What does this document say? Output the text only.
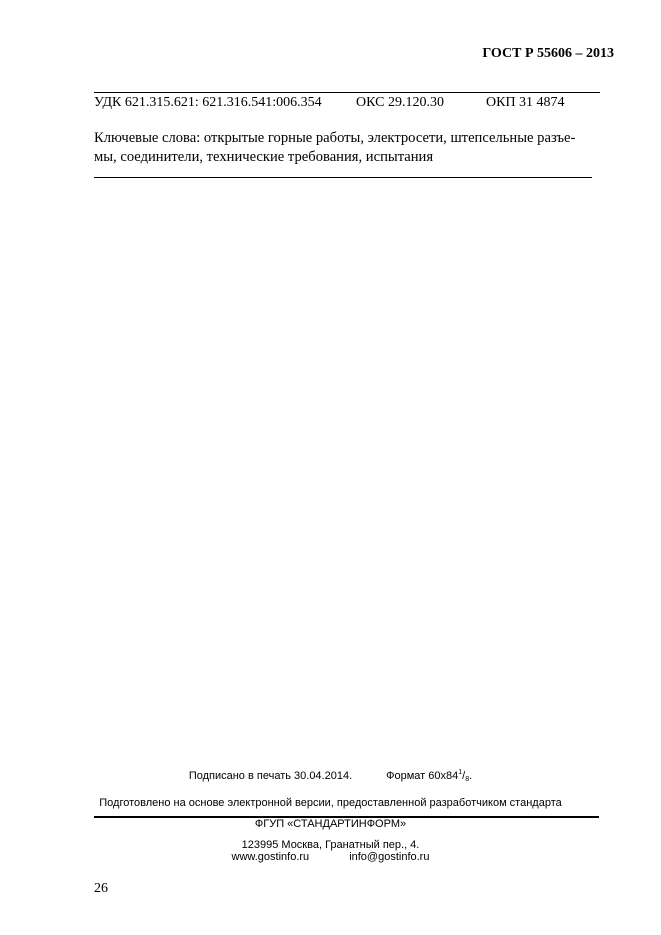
ГОСТ Р 55606 – 2013
УДК 621.315.621: 621.316.541:006.354 ОКС 29.120.30	ОКП 31 4874
Ключевые слова: открытые горные работы, электросети, штепсельные разъе-
мы, соединители, технические требования, испытания
Подписано в печать 30.04.2014.	Формат $60х84^1/_8$.
Подготовлено на основе электронной версии, предоставленной разработчиком стандарта
ФГУП «СТАНДАРТИНФОРМ»
123995 Москва, Гранатный пер., 4.
www.gostinfo.ru	info@gostinfo.ru
26
